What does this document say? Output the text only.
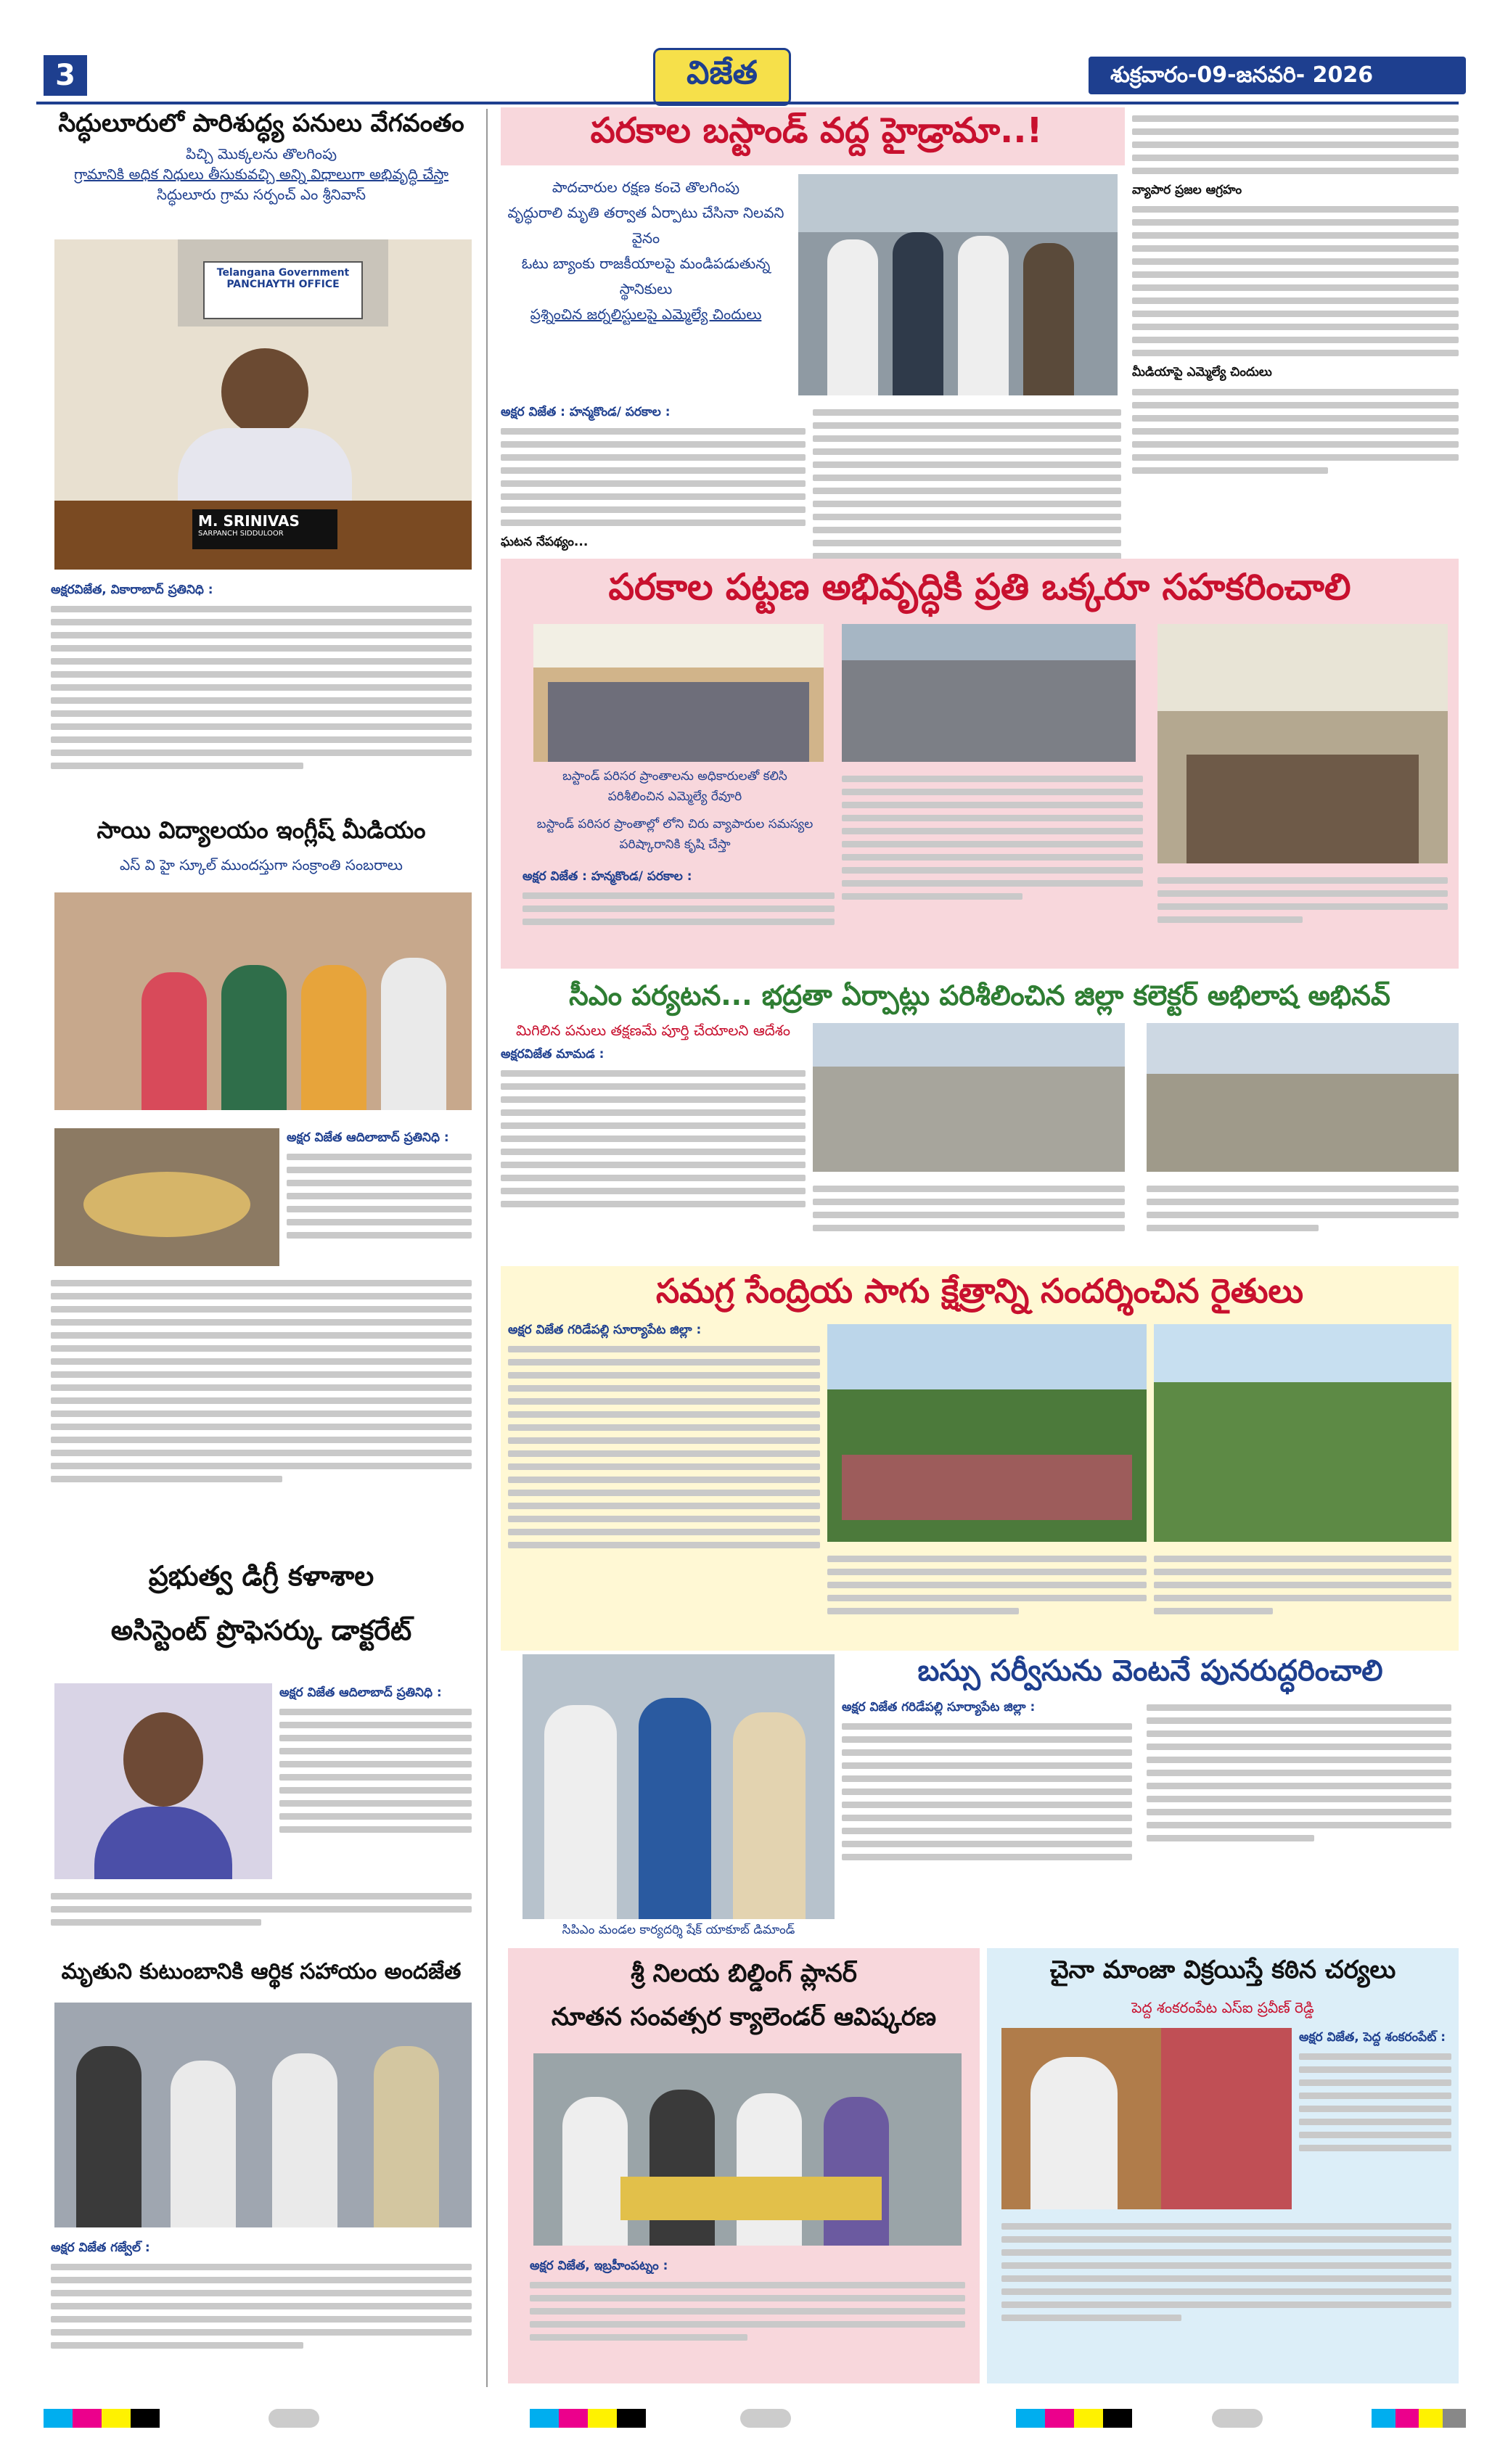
3	విజేత	శుక్రవారం-09-జనవరి- 2026
సిద్ధులూరులో పారిశుద్ధ్య పనులు వేగవంతం
పిచ్చి మొక్కలను తొలగింపు
గ్రామానికి అధిక నిధులు తీసుకువచ్చి అన్ని విధాలుగా అభివృద్ధి చేస్తా
సిద్ధులూరు గ్రామ సర్పంచ్ ఎం శ్రీనివాస్
Telangana Government PANCHAYTH OFFICE
M. SRINIVAS
SARPANCH SIDDULOOR
అక్షరవిజేత, వికారాబాద్ ప్రతినిధి :
సాయి విద్యాలయం ఇంగ్లీష్ మీడియం
ఎస్ వి హై స్కూల్ ముందస్తుగా సంక్రాంతి సంబరాలు
అక్షర విజేత ఆదిలాబాద్ ప్రతినిధి :
ప్రభుత్వ డిగ్రీ కళాశాల
అసిస్టెంట్ ప్రొఫెసర్కు డాక్టరేట్
అక్షర విజేత ఆదిలాబాద్ ప్రతినిధి :
మృతుని కుటుంబానికి ఆర్థిక సహాయం అందజేత
అక్షర విజేత గజ్వేల్ :
పరకాల బస్టాండ్ వద్ద హైడ్రామా..!
పాదచారుల రక్షణ కంచె తొలగింపు
వృద్ధురాలి మృతి తర్వాత ఏర్పాటు చేసినా నిలవని
వైనం
ఓటు బ్యాంకు రాజకీయాలపై మండిపడుతున్న
స్థానికులు
ప్రశ్నించిన జర్నలిస్టులపై ఎమ్మెల్యే చిందులు
అక్షర విజేత : హన్మకొండ/ పరకాల :
ఘటన నేపథ్యం...
వ్యాపార ప్రజల ఆగ్రహం
మీడియాపై ఎమ్మెల్యే చిందులు
పరకాల పట్టణ అభివృద్ధికి ప్రతి ఒక్కరూ సహకరించాలి
బస్టాండ్ పరిసర ప్రాంతాలను అధికారులతో కలిసి
పరిశీలించిన ఎమ్మెల్యే రేవూరి
బస్టాండ్ పరిసర ప్రాంతాల్లో లోని చిరు వ్యాపారుల సమస్యల
పరిష్కారానికి కృషి చేస్తా
అక్షర విజేత : హన్మకొండ/ పరకాల :
సీఎం పర్యటన... భద్రతా ఏర్పాట్లు పరిశీలించిన జిల్లా కలెక్టర్ అభిలాష అభినవ్
మిగిలిన పనులు తక్షణమే పూర్తి చేయాలని ఆదేశం
అక్షరవిజేత మామడ :
సమగ్ర సేంద్రియ సాగు క్షేత్రాన్ని సందర్శించిన రైతులు
అక్షర విజేత గరిడేపల్లి సూర్యాపేట జిల్లా :
సిపిఎం మండల కార్యదర్శి షేక్ యాకూబ్ డిమాండ్
బస్సు సర్వీసును వెంటనే పునరుద్ధరించాలి
అక్షర విజేత గరిడేపల్లి సూర్యాపేట జిల్లా :
శ్రీ నిలయ బిల్డింగ్ ప్లానర్
నూతన సంవత్సర క్యాలెండర్ ఆవిష్కరణ
అక్షర విజేత, ఇబ్రహీంపట్నం :
చైనా మాంజా విక్రయిస్తే కఠిన చర్యలు
పెద్ద శంకరంపేట ఎస్ఐ ప్రవీణ్ రెడ్డి
అక్షర విజేత, పెద్ద శంకరంపేట్ :
